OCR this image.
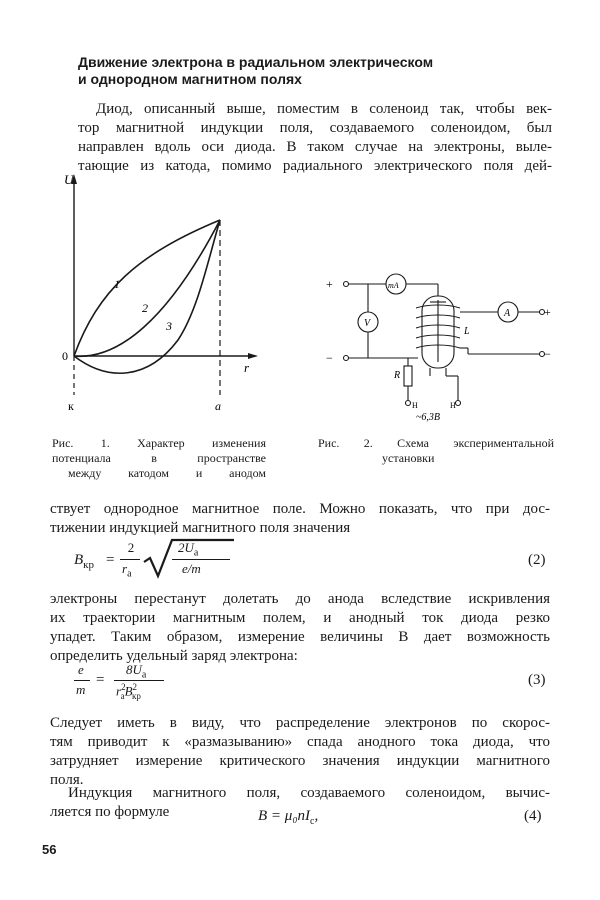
Движение электрона в радиальном электрическом
и однородном магнитном полях
Диод, описанный выше, поместим в соленоид так, чтобы век-
тор магнитной индукции поля, создаваемого соленоидом, был
направлен вдоль оси диода. В таком случае на электроны, выле-
тающие из катода, помимо радиального электрического поля дей-
U
r
0
к	a
1
2
3
Рис. 1. Характер изменения
потенциала в пространстве
между катодом и анодом
+
−
mA
V
A
L
R
H	H
~6,3В
+
−
Рис. 2. Схема экспериментальной
установки
ствует однородное магнитное поле. Можно показать, что при дос-
тижении индукцией магнитного поля значения
$B_{кр}$ =
2
$r_a$
$2U_a$
e/m
(2)
электроны перестанут долетать до анода вследствие искривления
их траектории магнитным полем, и анодный ток диода резко
упадет. Таким образом, измерение величины B дает возможность
определить удельный заряд электрона:
e
m
=
$8U_a$
$r^2_aB^2_{кр}$
(3)
Следует иметь в виду, что распределение электронов по скорос-
тям приводит к «размазыванию» спада анодного тока диода, что
затрудняет измерение критического значения индукции магнитного
поля.
Индукция магнитного поля, создаваемого соленоидом, вычис-
ляется по формуле	$B = \mu_0nI_c$,	(4)
56
